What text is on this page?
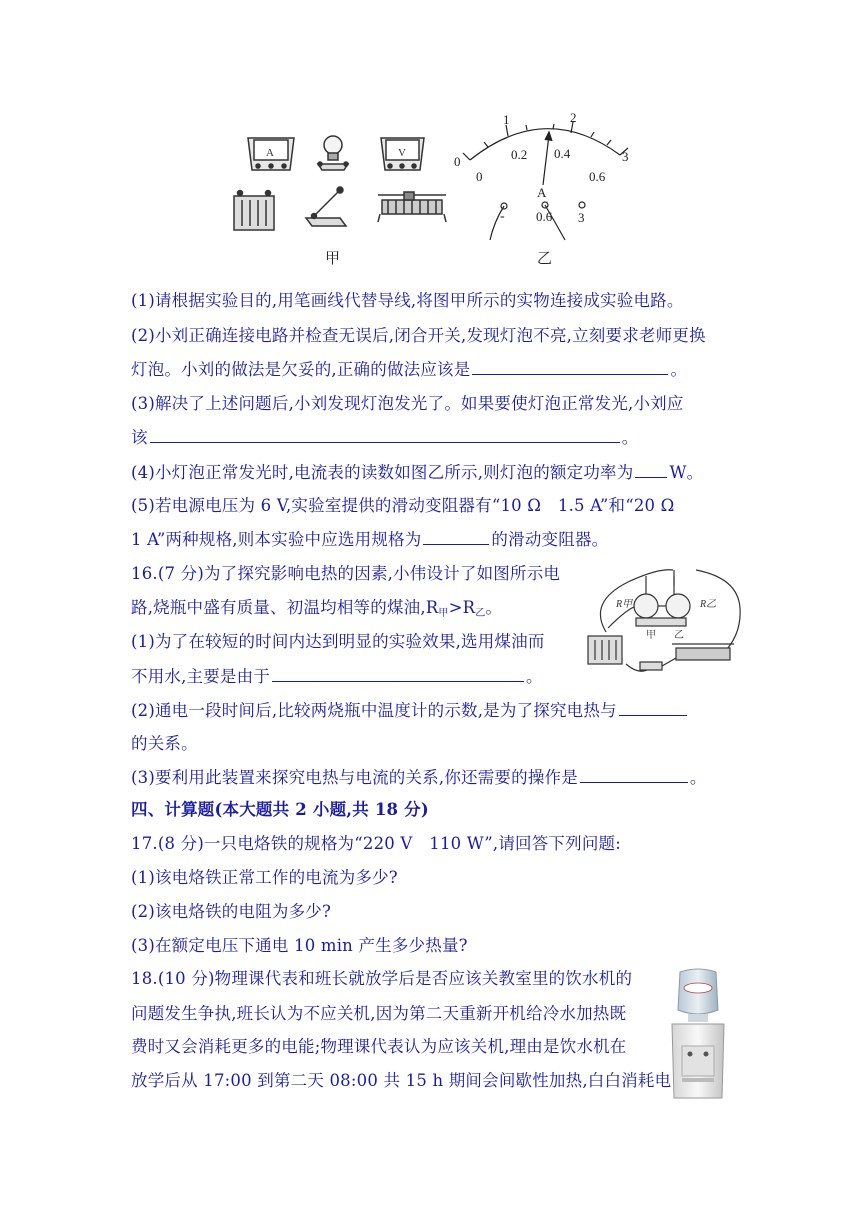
A	V
0
1	2
3
0
0.2 0.4
0.6
A
- 0.6 3
甲	乙
(1)请根据实验目的,用笔画线代替导线,将图甲所示的实物连接成实验电路。
(2)小刘正确连接电路并检查无误后,闭合开关,发现灯泡不亮,立刻要求老师更换
灯泡。小刘的做法是欠妥的,正确的做法应该是	。
(3)解决了上述问题后,小刘发现灯泡发光了。如果要使灯泡正常发光,小刘应
该	。
(4)小灯泡正常发光时,电流表的读数如图乙所示,则灯泡的额定功率为 W。
(5)若电源电压为 6 V,实验室提供的滑动变阻器有“10 Ω　1.5 A”和“20 Ω
1 A”两种规格,则本实验中应选用规格为	的滑动变阻器。
16.(7 分)为了探究影响电热的因素,小伟设计了如图所示电
路,烧瓶中盛有质量、初温均相等的煤油$,R_甲>R_乙$。
(1)为了在较短的时间内达到明显的实验效果,选用煤油而
不用水,主要是由于	。
(2)通电一段时间后,比较两烧瓶中温度计的示数,是为了探究电热与
的关系。
(3)要利用此装置来探究电热与电流的关系,你还需要的操作是	。
四、计算题(本大题共 2 小题,共 18 分)
17.(8 分)一只电烙铁的规格为“220 V　110 W”,请回答下列问题:
(1)该电烙铁正常工作的电流为多少?
(2)该电烙铁的电阻为多少?
(3)在额定电压下通电 10 min 产生多少热量?
18.(10 分)物理课代表和班长就放学后是否应该关教室里的饮水机的
问题发生争执,班长认为不应关机,因为第二天重新开机给冷水加热既
费时又会消耗更多的电能;物理课代表认为应该关机,理由是饮水机在
放学后从 17:00 到第二天 08:00 共 15 h 期间会间歇性加热,白白消耗电
R甲	R乙
甲 乙
